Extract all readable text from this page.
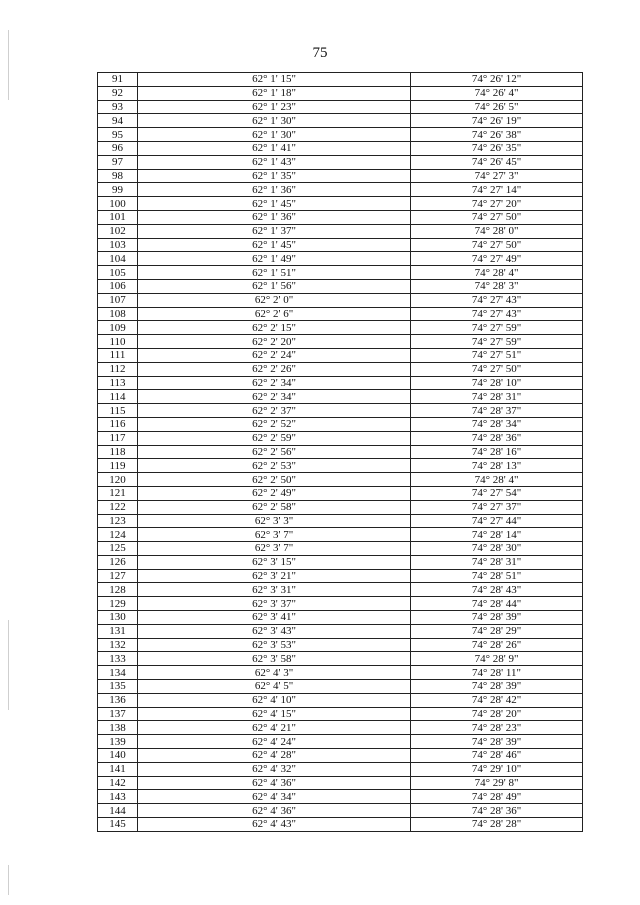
75
91	62° 1' 15"	74° 26' 12"
92	62° 1' 18"	74° 26' 4"
93	62° 1' 23"	74° 26' 5"
94	62° 1' 30"	74° 26' 19"
95	62° 1' 30"	74° 26' 38"
96	62° 1' 41"	74° 26' 35"
97	62° 1' 43"	74° 26' 45"
98	62° 1' 35"	74° 27' 3"
99	62° 1' 36"	74° 27' 14"
100	62° 1' 45"	74° 27' 20"
101	62° 1' 36"	74° 27' 50"
102	62° 1' 37"	74° 28' 0"
103	62° 1' 45"	74° 27' 50"
104	62° 1' 49"	74° 27' 49"
105	62° 1' 51"	74° 28' 4"
106	62° 1' 56"	74° 28' 3"
107	62° 2' 0"	74° 27' 43"
108	62° 2' 6"	74° 27' 43"
109	62° 2' 15"	74° 27' 59"
110	62° 2' 20"	74° 27' 59"
111	62° 2' 24"	74° 27' 51"
112	62° 2' 26"	74° 27' 50"
113	62° 2' 34"	74° 28' 10"
114	62° 2' 34"	74° 28' 31"
115	62° 2' 37"	74° 28' 37"
116	62° 2' 52"	74° 28' 34"
117	62° 2' 59"	74° 28' 36"
118	62° 2' 56"	74° 28' 16"
119	62° 2' 53"	74° 28' 13"
120	62° 2' 50"	74° 28' 4"
121	62° 2' 49"	74° 27' 54"
122	62° 2' 58"	74° 27' 37"
123	62° 3' 3"	74° 27' 44"
124	62° 3' 7"	74° 28' 14"
125	62° 3' 7"	74° 28' 30"
126	62° 3' 15"	74° 28' 31"
127	62° 3' 21"	74° 28' 51"
128	62° 3' 31"	74° 28' 43"
129	62° 3' 37"	74° 28' 44"
130	62° 3' 41"	74° 28' 39"
131	62° 3' 43"	74° 28' 29"
132	62° 3' 53"	74° 28' 26"
133	62° 3' 58"	74° 28' 9"
134	62° 4' 3"	74° 28' 11"
135	62° 4' 5"	74° 28' 39"
136	62° 4' 10"	74° 28' 42"
137	62° 4' 15"	74° 28' 20"
138	62° 4' 21"	74° 28' 23"
139	62° 4' 24"	74° 28' 39"
140	62° 4' 28"	74° 28' 46"
141	62° 4' 32"	74° 29' 10"
142	62° 4' 36"	74° 29' 8"
143	62° 4' 34"	74° 28' 49"
144	62° 4' 36"	74° 28' 36"
145	62° 4' 43"	74° 28' 28"
